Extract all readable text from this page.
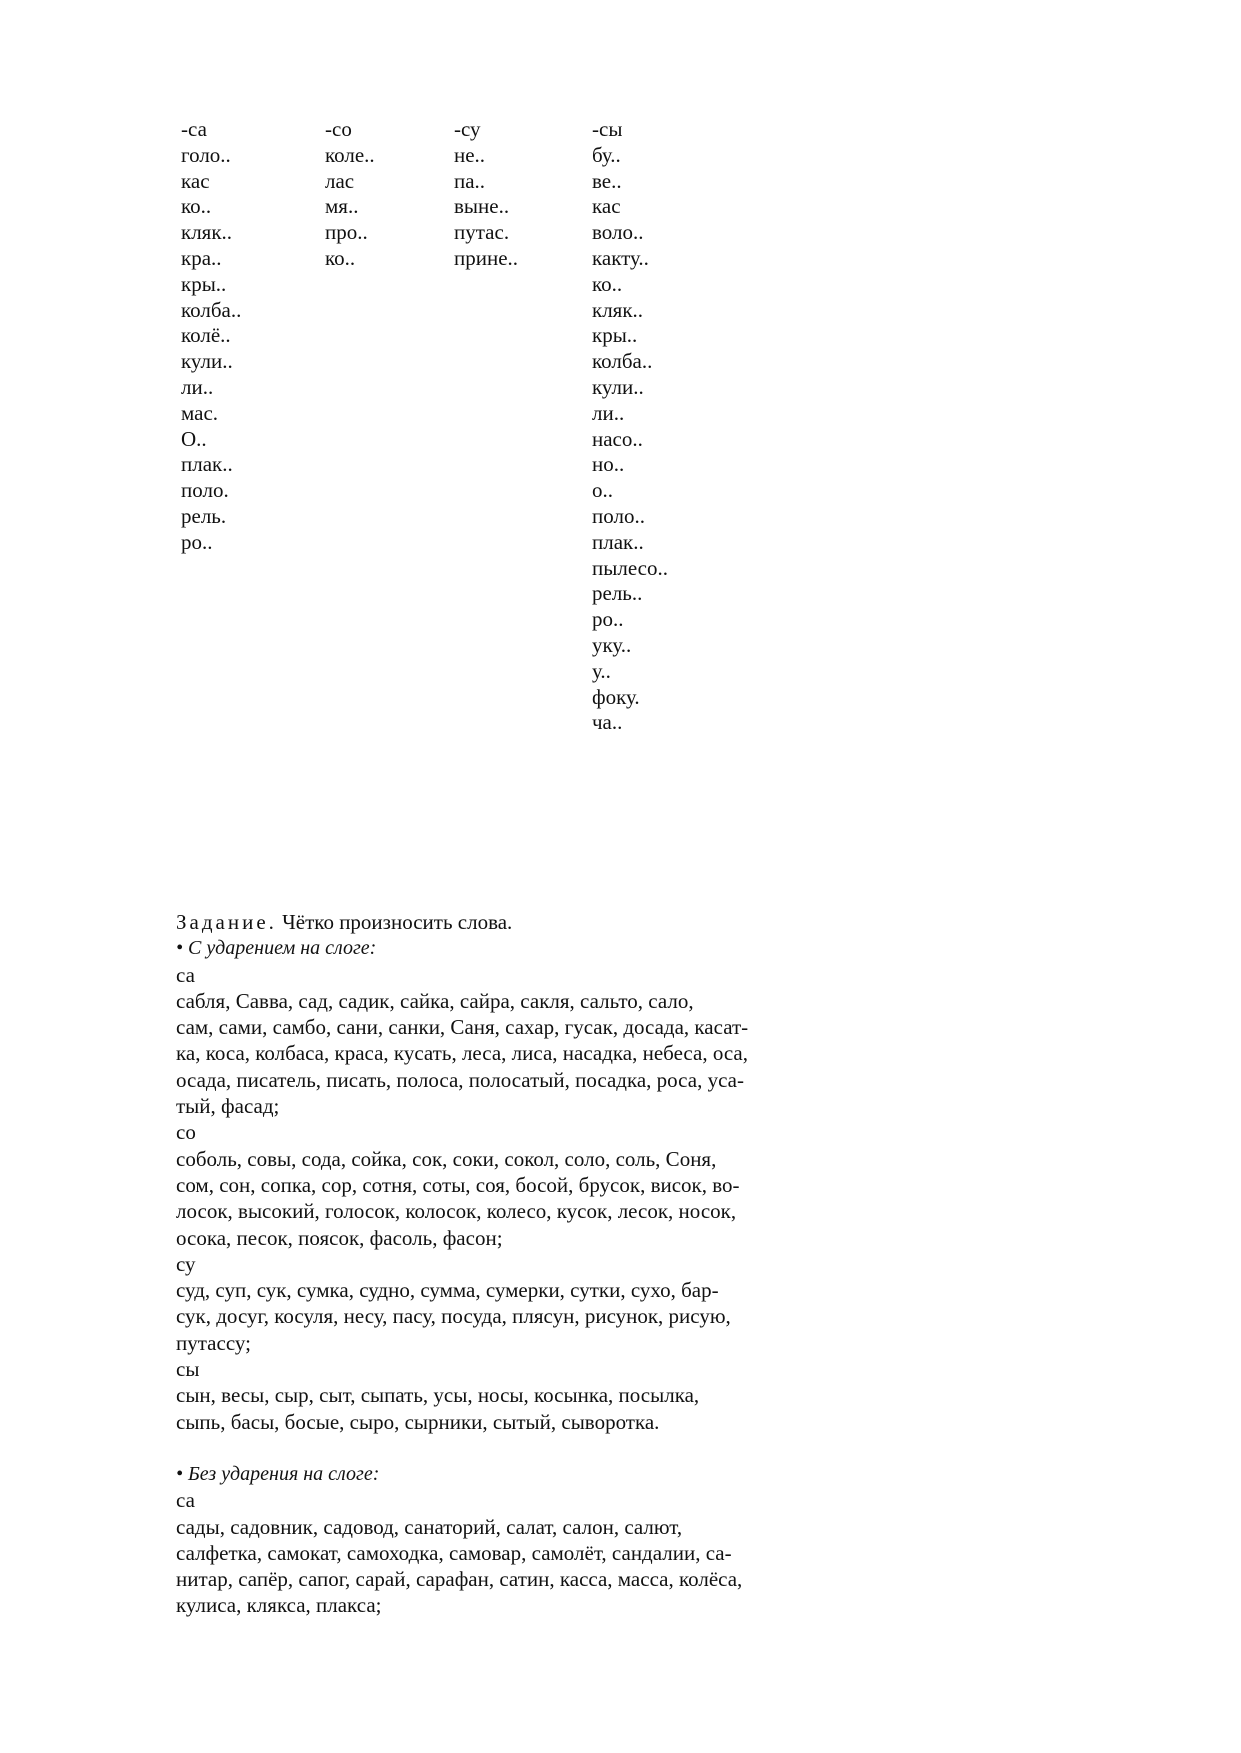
-са
голо..
кас
ко..
кляк..
кра..
кры..
колба..
колё..
кули..
ли..
мас.
О..
плак..
поло.
рель.
ро..
-со
коле..
лас
мя..
про..
ко..
-су
не..
па..
выне..
путас.
прине..
-сы
бу..
ве..
кас
воло..
какту..
ко..
кляк..
кры..
колба..
кули..
ли..
насо..
но..
о..
поло..
плак..
пылесо..
рель..
ро..
уку..
у..
фоку.
ча..

Задание. Чётко произносить слова.

• С ударением на слоге:

са

сабля, Савва, сад, садик, сайка, сайра, сакля, сальто, сало,

сам, сами, самбо, сани, санки, Саня, сахар, гусак, досада, касат-

ка, коса, колбаса, краса, кусать, леса, лиса, насадка, небеса, оса,

осада, писатель, писать, полоса, полосатый, посадка, роса, уса-

тый, фасад;

со

соболь, совы, сода, сойка, сок, соки, сокол, соло, соль, Соня,

сом, сон, сопка, сор, сотня, соты, соя, босой, брусок, висок, во-

лосок, высокий, голосок, колосок, колесо, кусок, лесок, носок,

осока, песок, поясок, фасоль, фасон;

су

суд, суп, сук, сумка, судно, сумма, сумерки, сутки, сухо, бар-

сук, досуг, косуля, несу, пасу, посуда, плясун, рисунок, рисую,

путассу;

сы

сын, весы, сыр, сыт, сыпать, усы, носы, косынка, посылка,

сыпь, басы, босые, сыро, сырники, сытый, сыворотка.

• Без ударения на слоге:

са

сады, садовник, садовод, санаторий, салат, салон, салют,

салфетка, самокат, самоходка, самовар, самолёт, сандалии, са-

нитар, сапёр, сапог, сарай, сарафан, сатин, касса, масса, колёса,

кулиса, клякса, плакса;
